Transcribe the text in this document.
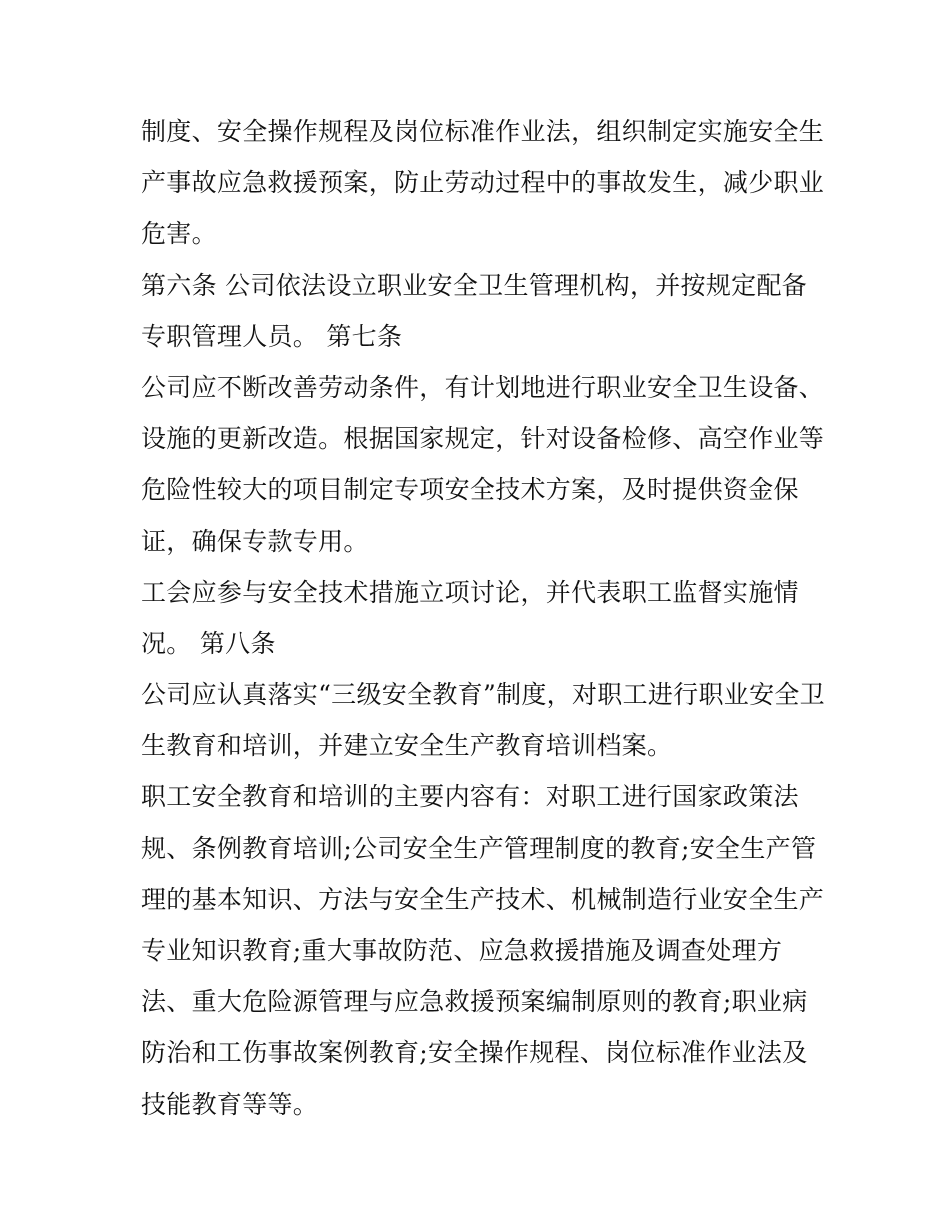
制度、安全操作规程及岗位标准作业法，组织制定实施安全生
产事故应急救援预案，防止劳动过程中的事故发生，减少职业
危害。
第六条 公司依法设立职业安全卫生管理机构，并按规定配备
专职管理人员。 第七条
公司应不断改善劳动条件，有计划地进行职业安全卫生设备、
设施的更新改造。根据国家规定，针对设备检修、高空作业等
危险性较大的项目制定专项安全技术方案，及时提供资金保
证，确保专款专用。
工会应参与安全技术措施立项讨论，并代表职工监督实施情
况。 第八条
公司应认真落实“三级安全教育”制度，对职工进行职业安全卫
生教育和培训，并建立安全生产教育培训档案。
职工安全教育和培训的主要内容有：对职工进行国家政策法
规、条例教育培训;公司安全生产管理制度的教育;安全生产管
理的基本知识、方法与安全生产技术、机械制造行业安全生产
专业知识教育;重大事故防范、应急救援措施及调查处理方
法、重大危险源管理与应急救援预案编制原则的教育;职业病
防治和工伤事故案例教育;安全操作规程、岗位标准作业法及
技能教育等等。
